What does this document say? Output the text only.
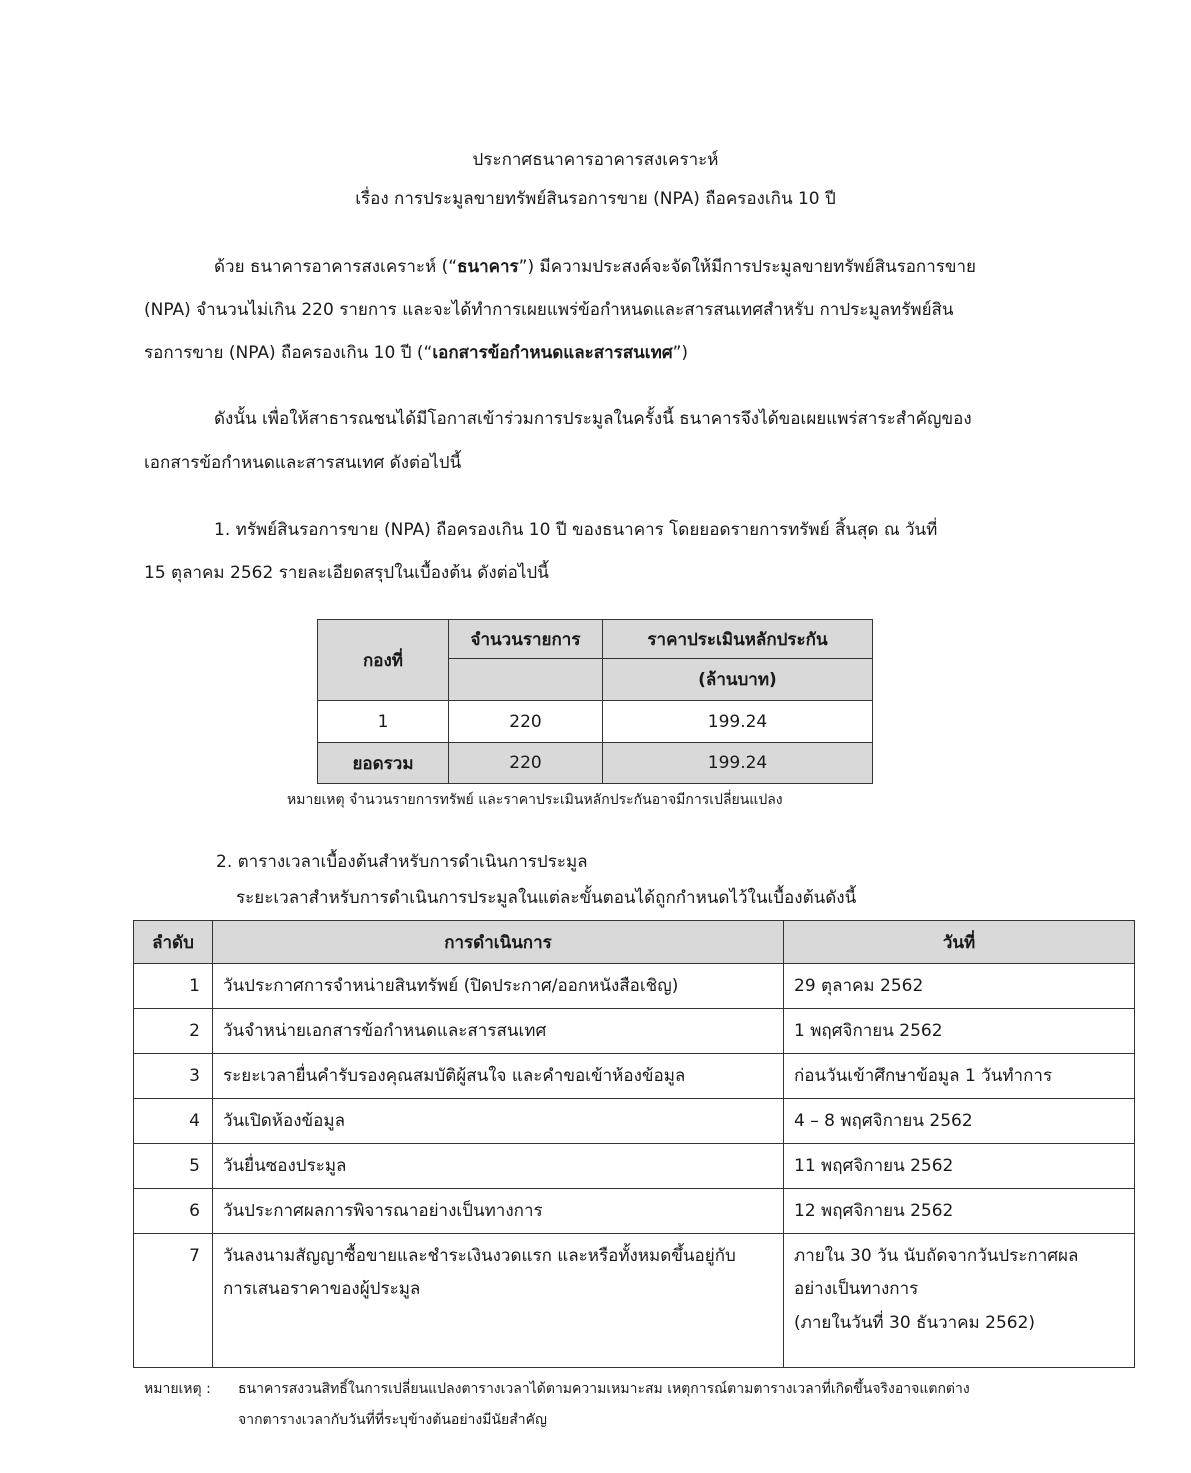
ประกาศธนาคารอาคารสงเคราะห์
เรื่อง การประมูลขายทรัพย์สินรอการขาย (NPA) ถือครองเกิน 10 ปี
ด้วย ธนาคารอาคารสงเคราะห์ (“ธนาคาร”) มีความประสงค์จะจัดให้มีการประมูลขายทรัพย์สินรอการขาย
(NPA) จำนวนไม่เกิน 220 รายการ และจะได้ทำการเผยแพร่ข้อกำหนดและสารสนเทศสำหรับ กาประมูลทรัพย์สิน
รอการขาย (NPA) ถือครองเกิน 10 ปี (“เอกสารข้อกำหนดและสารสนเทศ”)
ดังนั้น เพื่อให้สาธารณชนได้มีโอกาสเข้าร่วมการประมูลในครั้งนี้ ธนาคารจึงได้ขอเผยแพร่สาระสำคัญของ
เอกสารข้อกำหนดและสารสนเทศ ดังต่อไปนี้
1. ทรัพย์สินรอการขาย (NPA) ถือครองเกิน 10 ปี ของธนาคาร โดยยอดรายการทรัพย์ สิ้นสุด ณ วันที่
15 ตุลาคม 2562 รายละเอียดสรุปในเบื้องต้น ดังต่อไปนี้
กองที่	จำนวนรายการ	ราคาประเมินหลักประกัน
		(ล้านบาท)
1	220	199.24
ยอดรวม	220	199.24
หมายเหตุ จำนวนรายการทรัพย์ และราคาประเมินหลักประกันอาจมีการเปลี่ยนแปลง
2. ตารางเวลาเบื้องต้นสำหรับการดำเนินการประมูล
ระยะเวลาสำหรับการดำเนินการประมูลในแต่ละขั้นตอนได้ถูกกำหนดไว้ในเบื้องต้นดังนี้
ลำดับ	การดำเนินการ	วันที่
1	วันประกาศการจำหน่ายสินทรัพย์ (ปิดประกาศ/ออกหนังสือเชิญ)	29 ตุลาคม 2562
2	วันจำหน่ายเอกสารข้อกำหนดและสารสนเทศ	1 พฤศจิกายน 2562
3	ระยะเวลายื่นคำรับรองคุณสมบัติผู้สนใจ และคำขอเข้าห้องข้อมูล	ก่อนวันเข้าศึกษาข้อมูล 1 วันทำการ
4	วันเปิดห้องข้อมูล	4 – 8 พฤศจิกายน 2562
5	วันยื่นซองประมูล	11 พฤศจิกายน 2562
6	วันประกาศผลการพิจารณาอย่างเป็นทางการ	12 พฤศจิกายน 2562
7	วันลงนามสัญญาซื้อขายและชำระเงินงวดแรก และหรือทั้งหมดขึ้นอยู่กับ
การเสนอราคาของผู้ประมูล	ภายใน 30 วัน นับถัดจากวันประกาศผล
อย่างเป็นทางการ
(ภายในวันที่ 30 ธันวาคม 2562)
หมายเหตุ : ธนาคารสงวนสิทธิ์ในการเปลี่ยนแปลงตารางเวลาได้ตามความเหมาะสม เหตุการณ์ตามตารางเวลาที่เกิดขึ้นจริงอาจแตกต่าง
จากตารางเวลากับวันที่ที่ระบุข้างต้นอย่างมีนัยสำคัญ
